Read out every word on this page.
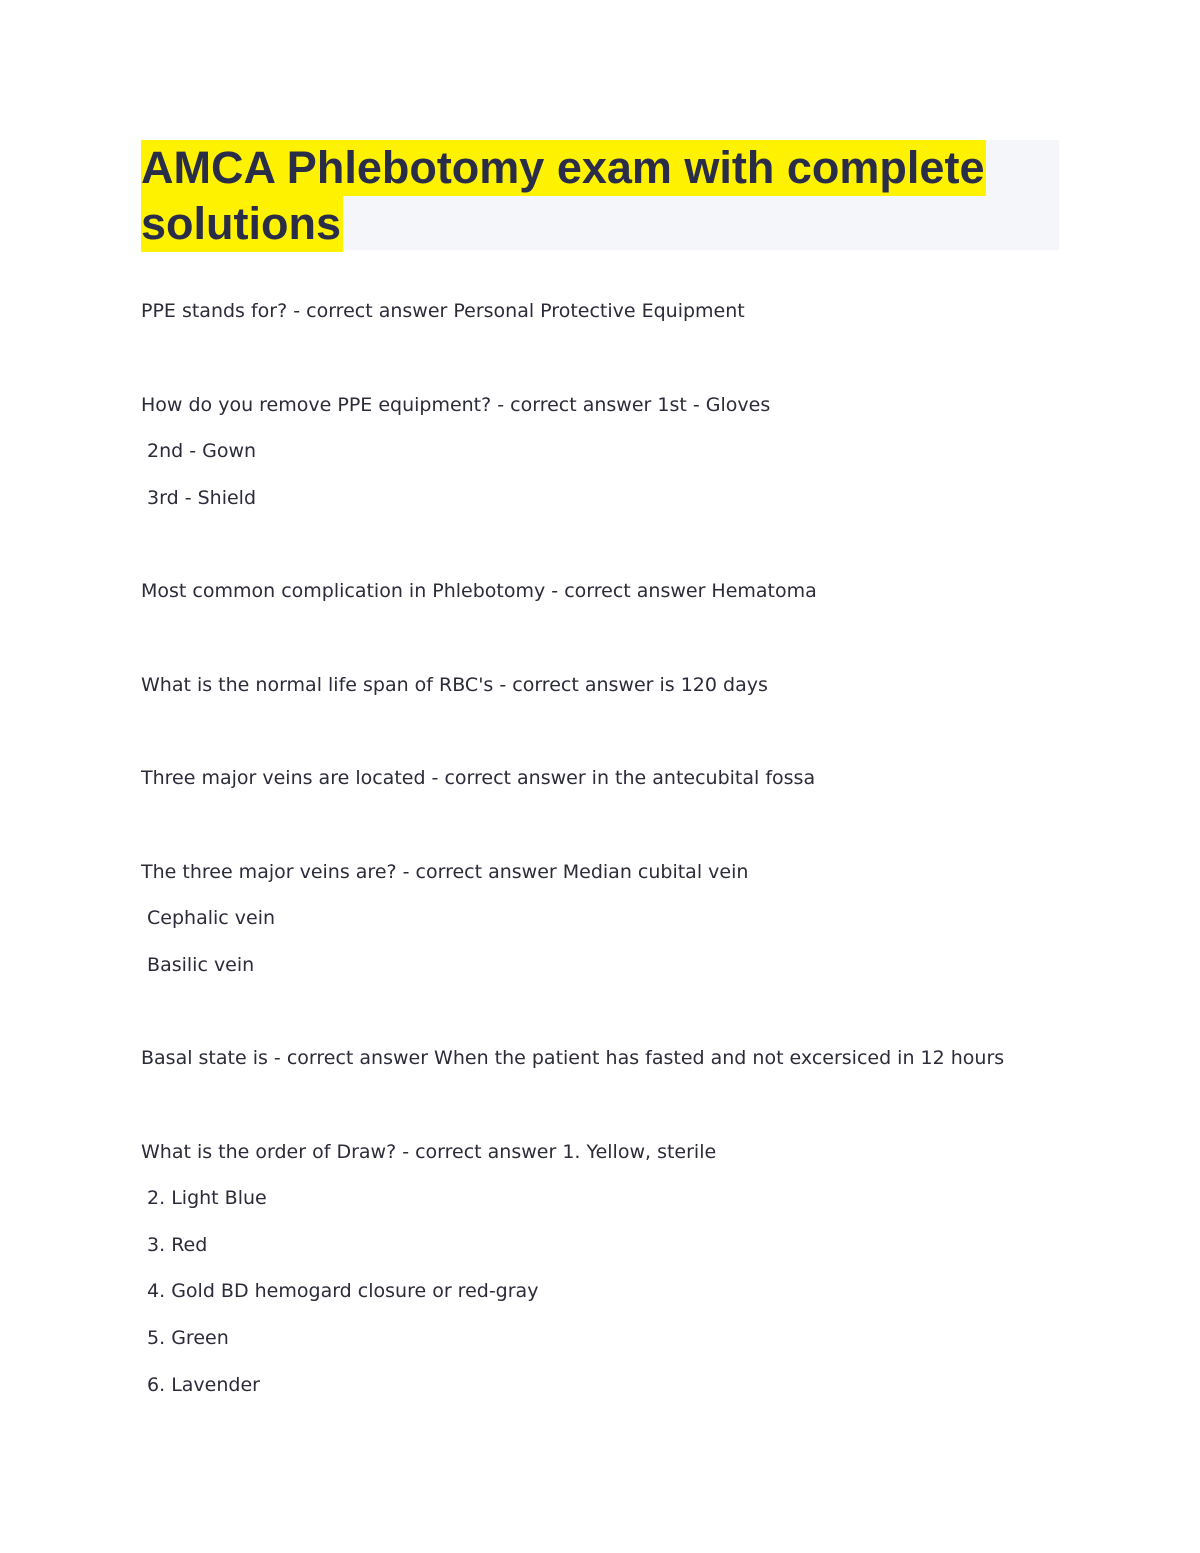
AMCA Phlebotomy exam with complete
solutions

PPE stands for? - correct answer Personal Protective Equipment

How do you remove PPE equipment? - correct answer 1st - Gloves

2nd - Gown

3rd - Shield

Most common complication in Phlebotomy - correct answer Hematoma

What is the normal life span of RBC's - correct answer is 120 days

Three major veins are located - correct answer in the antecubital fossa

The three major veins are? - correct answer Median cubital vein

Cephalic vein

Basilic vein

Basal state is - correct answer When the patient has fasted and not excersiced in 12 hours

What is the order of Draw? - correct answer 1. Yellow, sterile

2. Light Blue

3. Red

4. Gold BD hemogard closure or red-gray

5. Green

6. Lavender
